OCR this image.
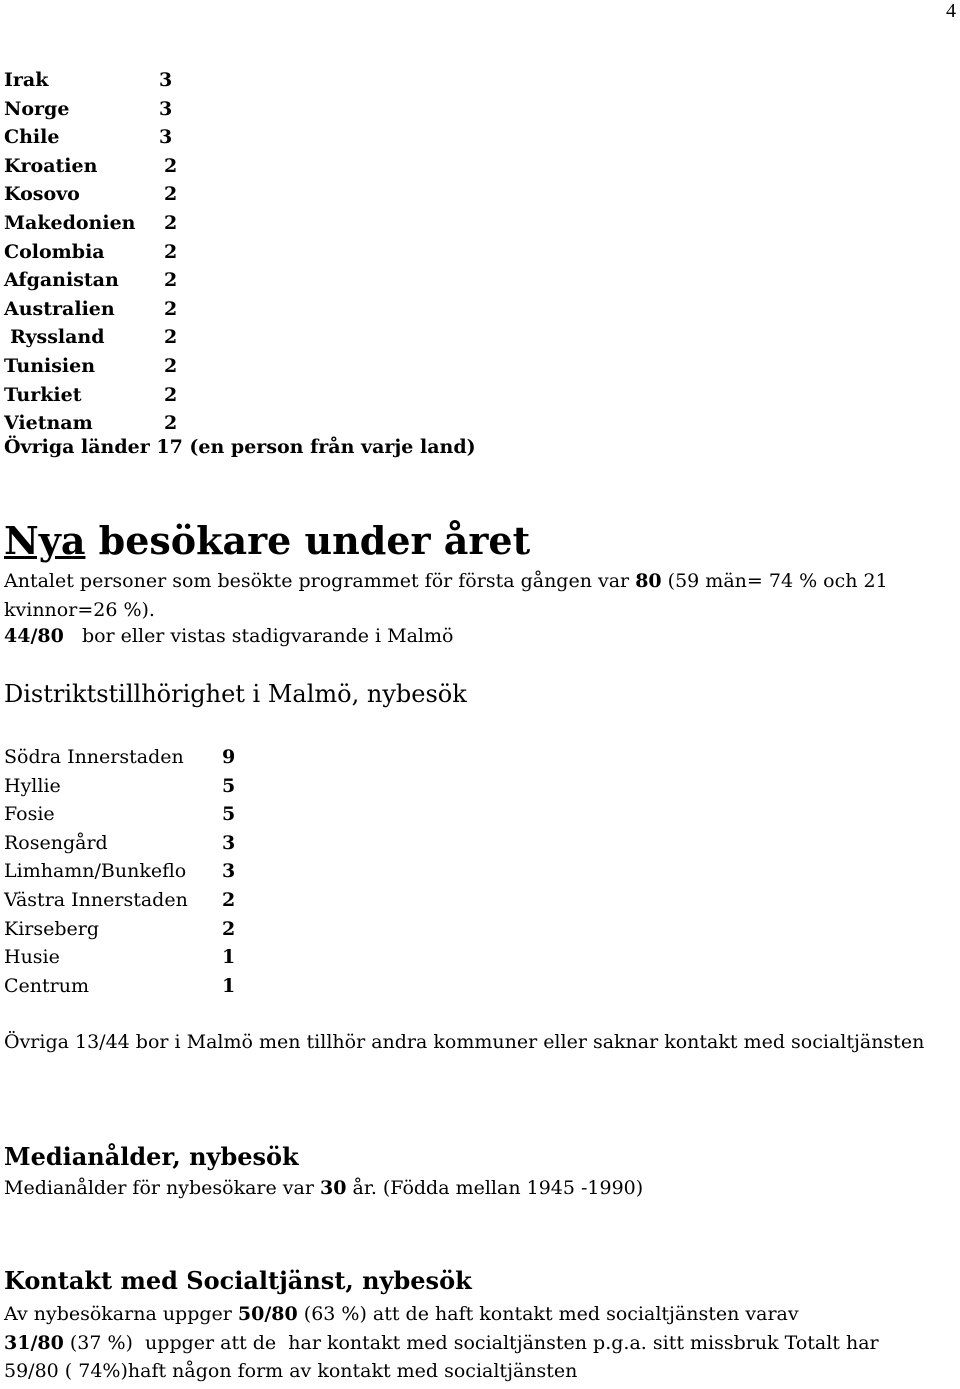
4
Irak	3
Norge	3
Chile	3
Kroatien	2
Kosovo	2
Makedonien 2
Colombia	2
Afganistan 2
Australien	2
Ryssland	2
Tunisien	2
Turkiet	2
Vietnam	2
Övriga länder 17 (en person från varje land)
Nya besökare under året
Antalet personer som besökte programmet för första gången var 80 (59 män= 74 % och 21 kvinnor=26 %).
44/80   bor eller vistas stadigvarande i Malmö
Distriktstillhörighet i Malmö, nybesök
Södra Innerstaden 9
Hyllie	5
Fosie	5
Rosengård	3
Limhamn/Bunkeflo 3
Västra Innerstaden 2
Kirseberg	2
Husie	1
Centrum	1
Övriga 13/44 bor i Malmö men tillhör andra kommuner eller saknar kontakt med socialtjänsten
Medianålder, nybesök
Medianålder för nybesökare var 30 år. (Födda mellan 1945 -1990)
Kontakt med Socialtjänst, nybesök
Av nybesökarna uppger 50/80 (63 %) att de haft kontakt med socialtjänsten varav
31/80 (37 %)  uppger att de  har kontakt med socialtjänsten p.g.a. sitt missbruk Totalt har
59/80 ( 74%)haft någon form av kontakt med socialtjänsten
